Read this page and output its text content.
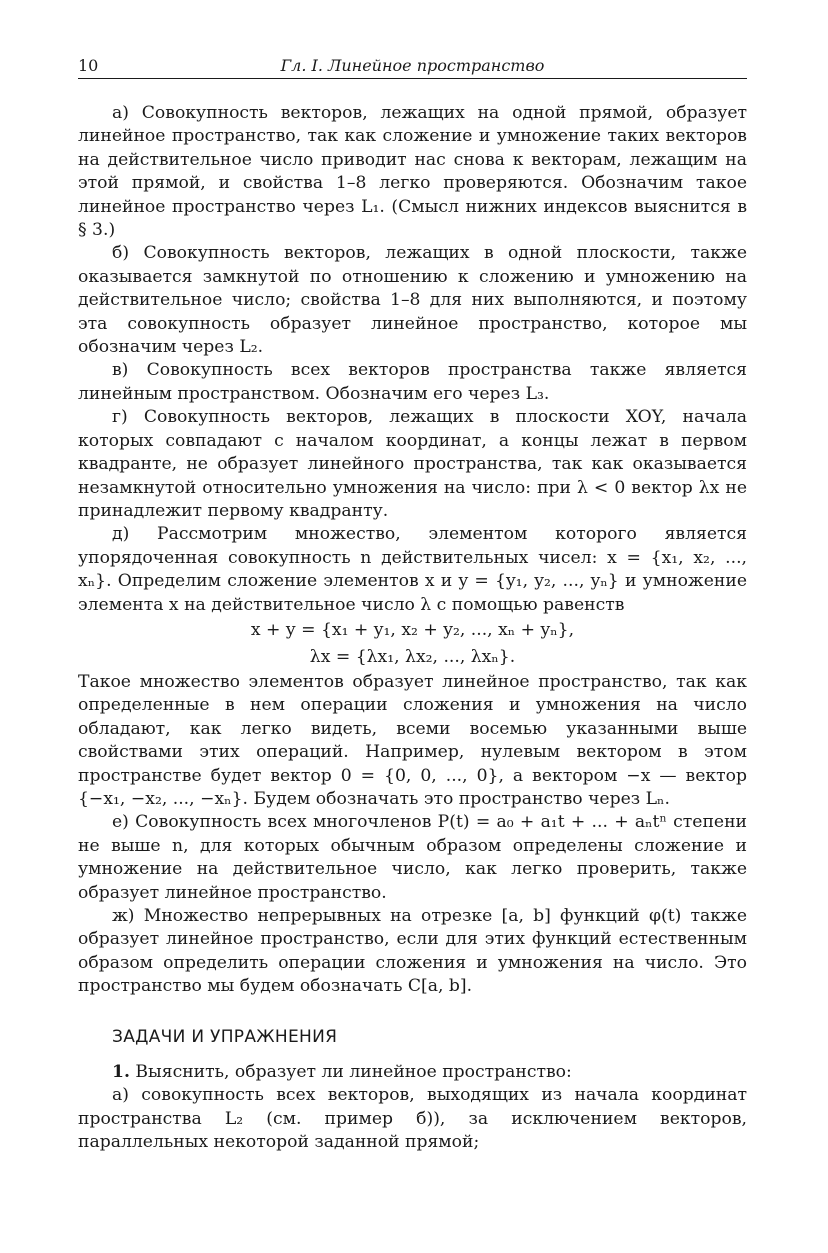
10	Гл. I. Линейное пространство

а) Совокупность векторов, лежащих на одной прямой, образует линейное пространство, так как сложение и умножение таких векторов на действительное число приводит нас снова к векторам, лежащим на этой прямой, и свойства 1–8 легко проверяются. Обозначим такое линейное пространство через L₁. (Смысл нижних индексов выяснится в § 3.)

б) Совокупность векторов, лежащих в одной плоскости, также оказывается замкнутой по отношению к сложению и умножению на действительное число; свойства 1–8 для них выполняются, и поэтому эта совокупность образует линейное пространство, которое мы обозначим через L₂.

в) Совокупность всех векторов пространства также является линейным пространством. Обозначим его через L₃.

г) Совокупность векторов, лежащих в плоскости XOY, начала которых совпадают с началом координат, а концы лежат в первом квадранте, не образует линейного пространства, так как оказывается незамкнутой относительно умножения на число: при λ < 0 вектор λx не принадлежит первому квадранту.

д) Рассмотрим множество, элементом которого является упорядоченная совокупность n действительных чисел: x = {x₁, x₂, ..., xₙ}. Определим сложение элементов x и y = {y₁, y₂, ..., yₙ} и умножение элемента x на действительное число λ с помощью равенств

x + y = {x₁ + y₁, x₂ + y₂, ..., xₙ + yₙ},

λx = {λx₁, λx₂, ..., λxₙ}.

Такое множество элементов образует линейное пространство, так как определенные в нем операции сложения и умножения на число обладают, как легко видеть, всеми восемью указанными выше свойствами этих операций. Например, нулевым вектором в этом пространстве будет вектор 0 = {0, 0, ..., 0}, а вектором −x — вектор {−x₁, −x₂, ..., −xₙ}. Будем обозначать это пространство через Lₙ.

е) Совокупность всех многочленов P(t) = a₀ + a₁t + ... + aₙtⁿ степени не выше n, для которых обычным образом определены сложение и умножение на действительное число, как легко проверить, также образует линейное пространство.

ж) Множество непрерывных на отрезке [a, b] функций φ(t) также образует линейное пространство, если для этих функций естественным образом определить операции сложения и умножения на число. Это пространство мы будем обозначать C[a, b].

ЗАДАЧИ И УПРАЖНЕНИЯ

1. Выяснить, образует ли линейное пространство:

а) совокупность всех векторов, выходящих из начала координат пространства L₂ (см. пример б)), за исключением векторов, параллельных некоторой заданной прямой;
